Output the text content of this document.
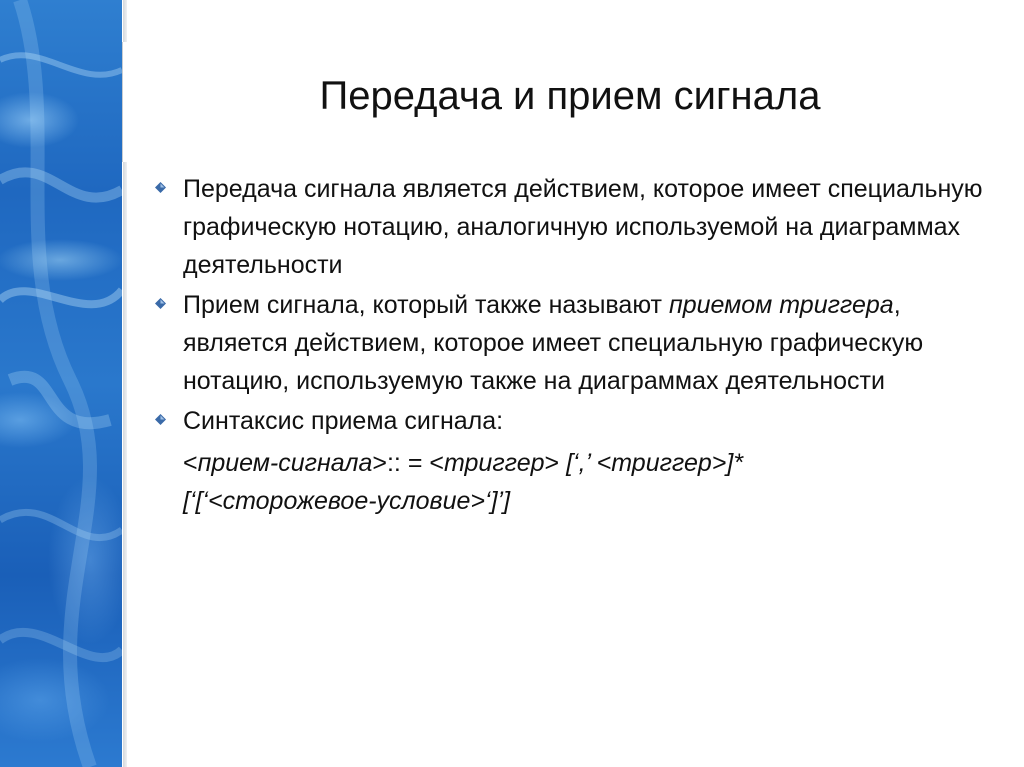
Передача и прием сигнала
Передача сигнала является действием, которое имеет специальную графическую нотацию, аналогичную используемой на диаграммах деятельности
Прием сигнала, который также называют приемом триггера, является действием, которое имеет специальную графическую нотацию, используемую также на диаграммах деятельности
Синтаксис приема сигнала:
<прием-сигнала>:: = <триггер> [‘,’ <триггер>]*
[‘[‘<сторожевое-условие>‘]’]
